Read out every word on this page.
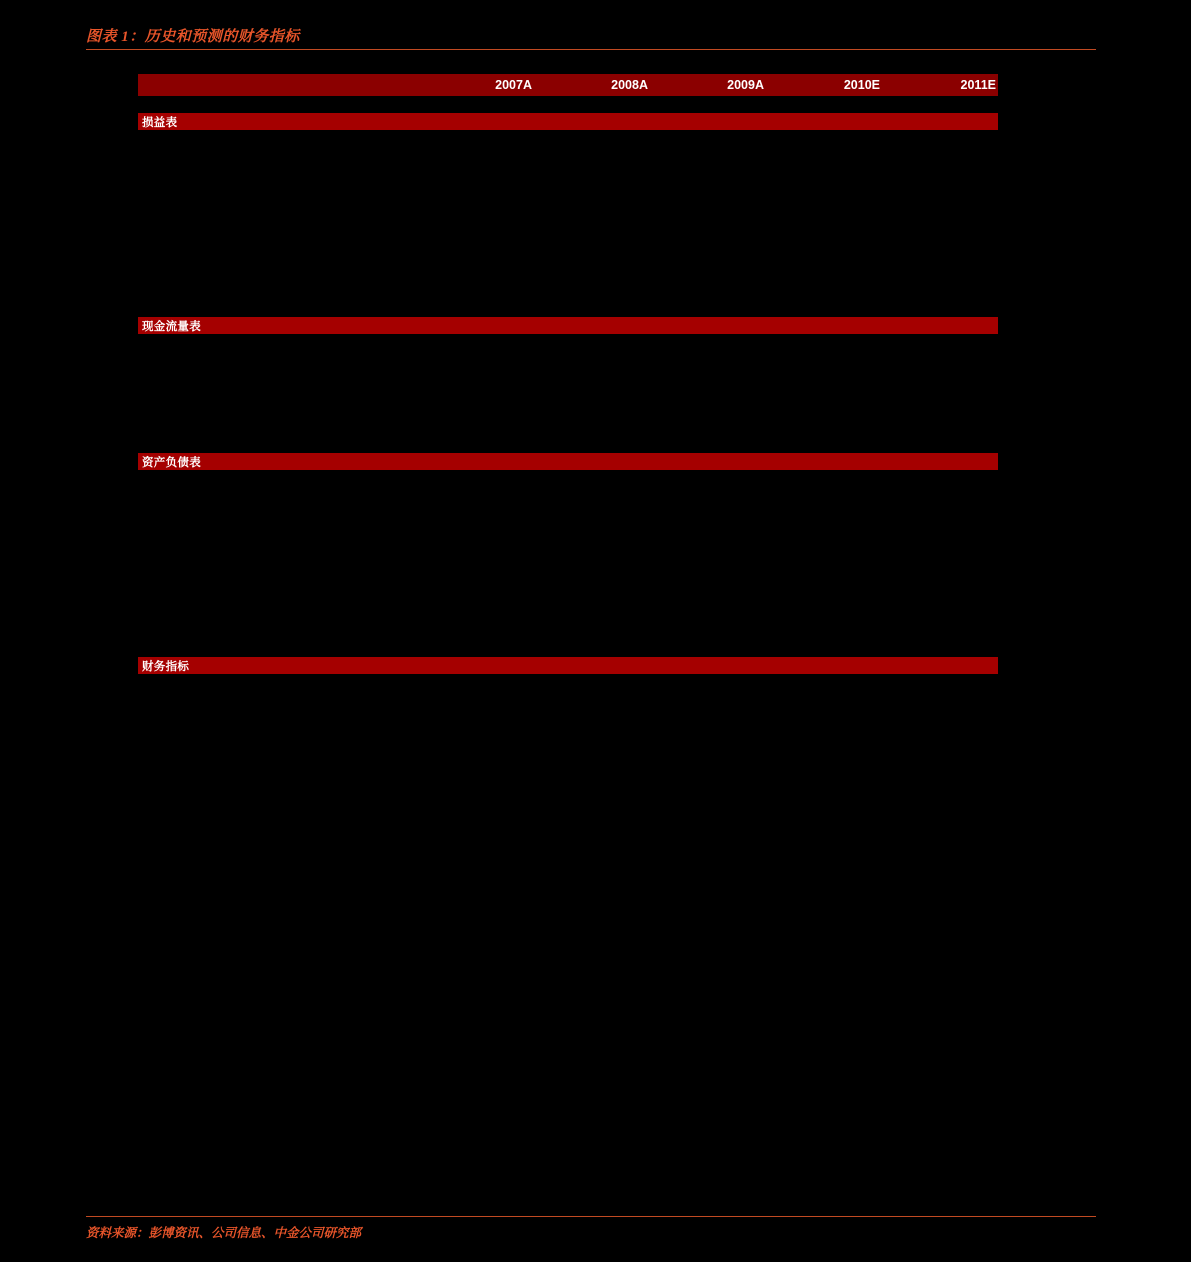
图表 1：历史和预测的财务指标
	2007A	2008A	2009A	2010E	2011E

损益表

现金流量表

资产负债表

财务指标
资料来源：彭博资讯、公司信息、中金公司研究部
